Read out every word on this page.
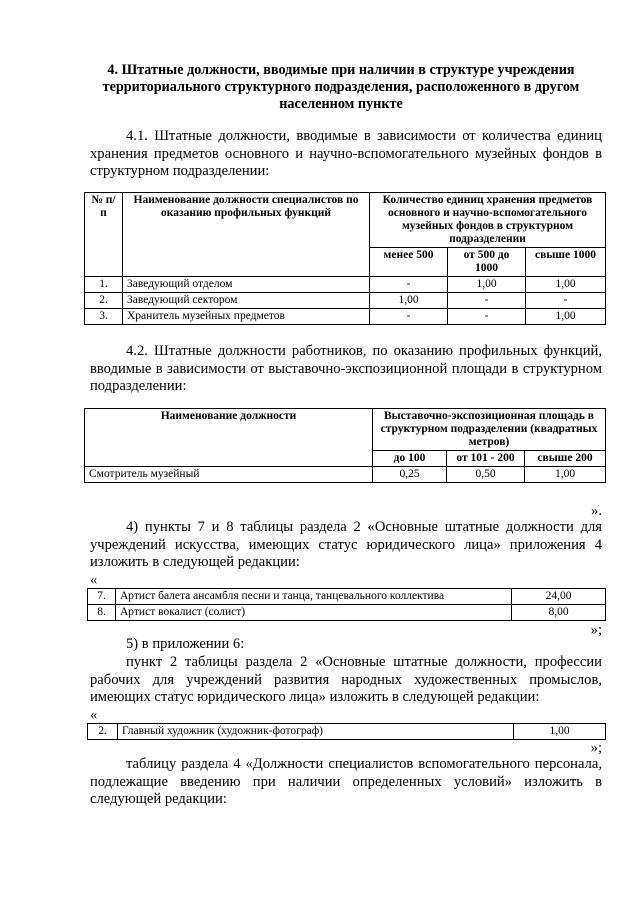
4. Штатные должности, вводимые при наличии в структуре учреждения территориального структурного подразделения, расположенного в другом населенном пункте
4.1. Штатные должности, вводимые в зависимости от количества единиц хранения предметов основного и научно-вспомогательного музейных фондов в структурном подразделении:
№ п/п	Наименование должности специалистов по оказанию профильных функций	Количество единиц хранения предметов основного и научно-вспомогательного музейных фондов в структурном подразделении		
		менее 500	от 500 до 1000	свыше 1000
1.	Заведующий отделом	-	1,00	1,00
2.	Заведующий сектором	1,00	-	-
3.	Хранитель музейных предметов	-	-	1,00
4.2. Штатные должности работников, по оказанию профильных функций, вводимые в зависимости от выставочно-экспозиционной площади в структурном подразделении:
Наименование должности	Выставочно-экспозиционная площадь в структурном подразделении (квадратных метров)		
	до 100	от 101 - 200	свыше 200
Смотритель музейный	0,25	0,50	1,00
».
4) пункты 7 и 8 таблицы раздела 2 «Основные штатные должности для учреждений искусства, имеющих статус юридического лица» приложения 4 изложить в следующей редакции:
«
7.	Артист балета ансамбля песни и танца, танцевального коллектива	24,00
8.	Артист вокалист (солист)	8,00
»;
5) в приложении 6:
пункт 2 таблицы раздела 2 «Основные штатные должности, профессии рабочих для учреждений развития народных художественных промыслов, имеющих статус юридического лица» изложить в следующей редакции:
«
2.	Главный художник (художник-фотограф)	1,00
»;
таблицу раздела 4 «Должности специалистов вспомогательного персонала, подлежащие введению при наличии определенных условий» изложить в следующей редакции:
